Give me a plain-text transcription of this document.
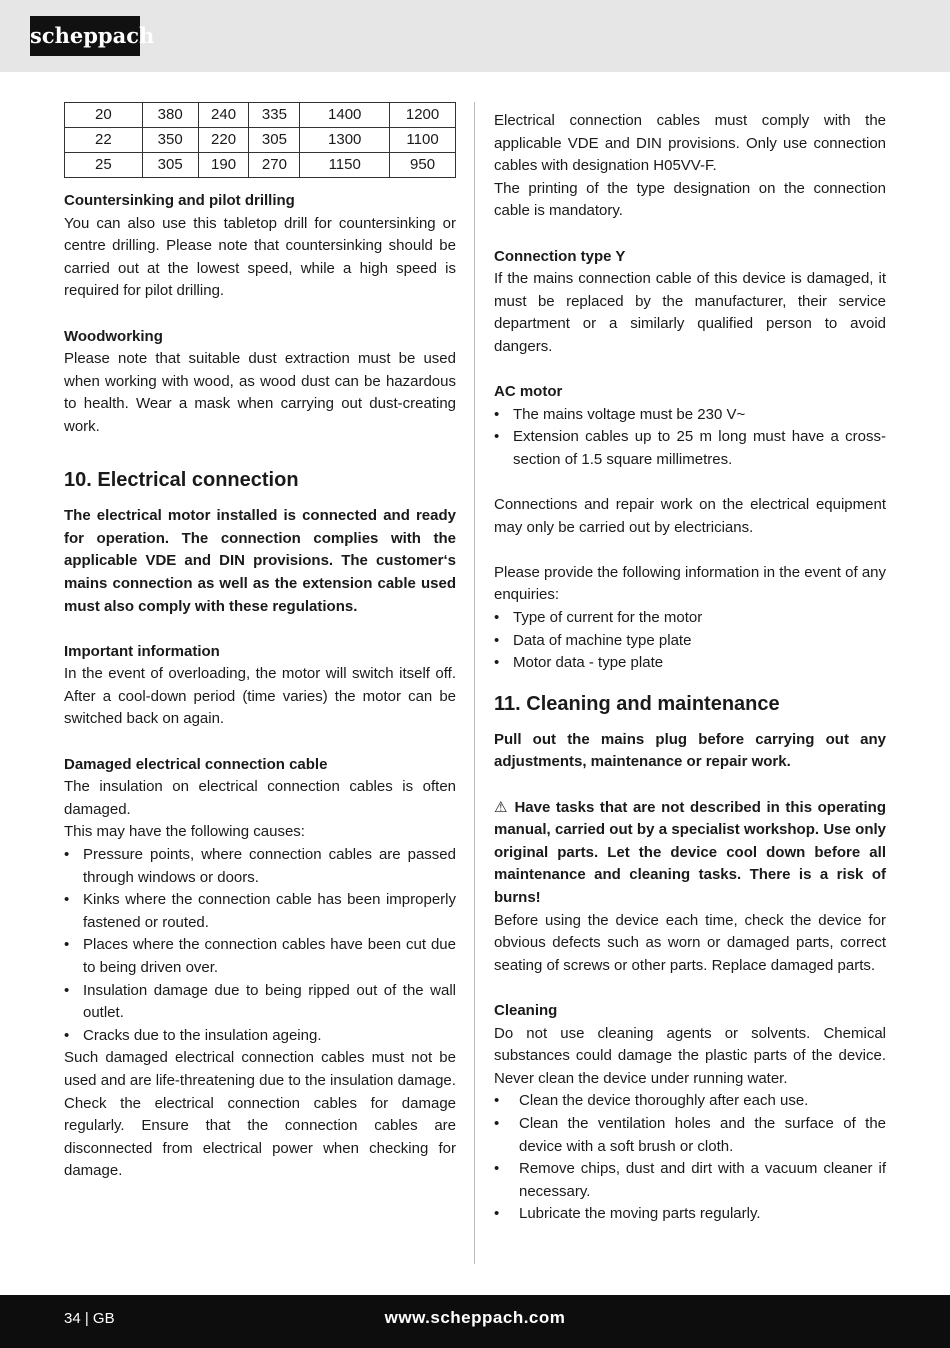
scheppach
20	380	240	335	1400	1200
22	350	220	305	1300	1100
25	305	190	270	1150	950

Countersinking and pilot drilling

You can also use this tabletop drill for countersinking or centre drilling. Please note that countersinking should be carried out at the lowest speed, while a high speed is required for pilot drilling.

Woodworking

Please note that suitable dust extraction must be used when working with wood, as wood dust can be hazardous to health. Wear a mask when carrying out dust-creating work.

10. Electrical connection

The electrical motor installed is connected and ready for operation. The connection complies with the applicable VDE and DIN provisions. The customer‘s mains connection as well as the extension cable used must also comply with these regulations.

Important information

In the event of overloading, the motor will switch itself off. After a cool-down period (time varies) the motor can be switched back on again.

Damaged electrical connection cable

The insulation on electrical connection cables is often damaged.

This may have the following causes:

• Pressure points, where connection cables are passed through windows or doors.
• Kinks where the connection cable has been improperly fastened or routed.
• Places where the connection cables have been cut due to being driven over.
• Insulation damage due to being ripped out of the wall outlet.
• Cracks due to the insulation ageing.

Such damaged electrical connection cables must not be used and are life-threatening due to the insulation damage.

Check the electrical connection cables for damage regularly. Ensure that the connection cables are disconnected from electrical power when checking for damage.

Electrical connection cables must comply with the applicable VDE and DIN provisions. Only use connection cables with designation H05VV-F.

The printing of the type designation on the connection cable is mandatory.

Connection type Y

If the mains connection cable of this device is damaged, it must be replaced by the manufacturer, their service department or a similarly qualified person to avoid dangers.

AC motor

• The mains voltage must be 230 V~
• Extension cables up to 25 m long must have a cross-section of 1.5 square millimetres.

Connections and repair work on the electrical equipment may only be carried out by electricians.

Please provide the following information in the event of any enquiries:

• Type of current for the motor
• Data of machine type plate
• Motor data - type plate
11. Cleaning and maintenance

Pull out the mains plug before carrying out any adjustments, maintenance or repair work.

⚠ Have tasks that are not described in this operating manual, carried out by a specialist workshop. Use only original parts. Let the device cool down before all maintenance and cleaning tasks. There is a risk of burns!

Before using the device each time, check the device for obvious defects such as worn or damaged parts, correct seating of screws or other parts. Replace damaged parts.

Cleaning

Do not use cleaning agents or solvents. Chemical substances could damage the plastic parts of the device. Never clean the device under running water.

• Clean the device thoroughly after each use.
• Clean the ventilation holes and the surface of the device with a soft brush or cloth.
• Remove chips, dust and dirt with a vacuum cleaner if necessary.
• Lubricate the moving parts regularly.
34 | GB	www.scheppach.com
